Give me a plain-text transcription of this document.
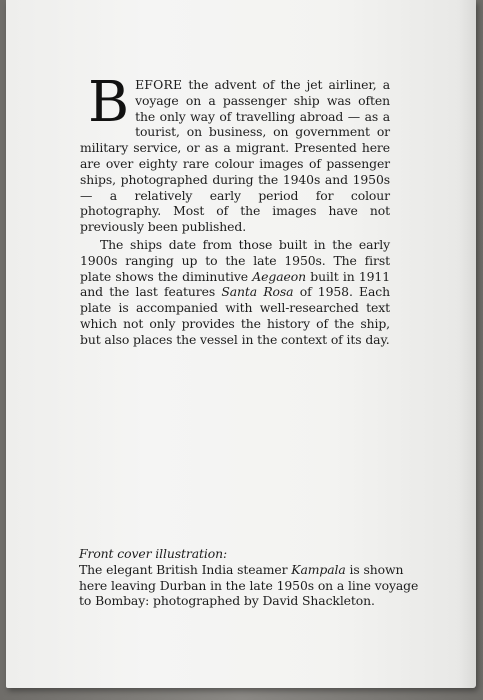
BEFORE the advent of the jet airliner, a voyage on a passenger ship was often the only way of travelling abroad — as a tourist, on business, on government or military service, or as a migrant. Presented here are over eighty rare colour images of passenger ships, photographed during the 1940s and 1950s — a relatively early period for colour photography. Most of the images have not previously been published.

The ships date from those built in the early 1900s ranging up to the late 1950s. The first plate shows the diminutive Aegaeon built in 1911 and the last features Santa Rosa of 1958. Each plate is accompanied with well-researched text which not only provides the history of the ship, but also places the vessel in the context of its day.

Front cover illustration:
The elegant British India steamer Kampala is shown
here leaving Durban in the late 1950s on a line voyage
to Bombay: photographed by David Shackleton.
